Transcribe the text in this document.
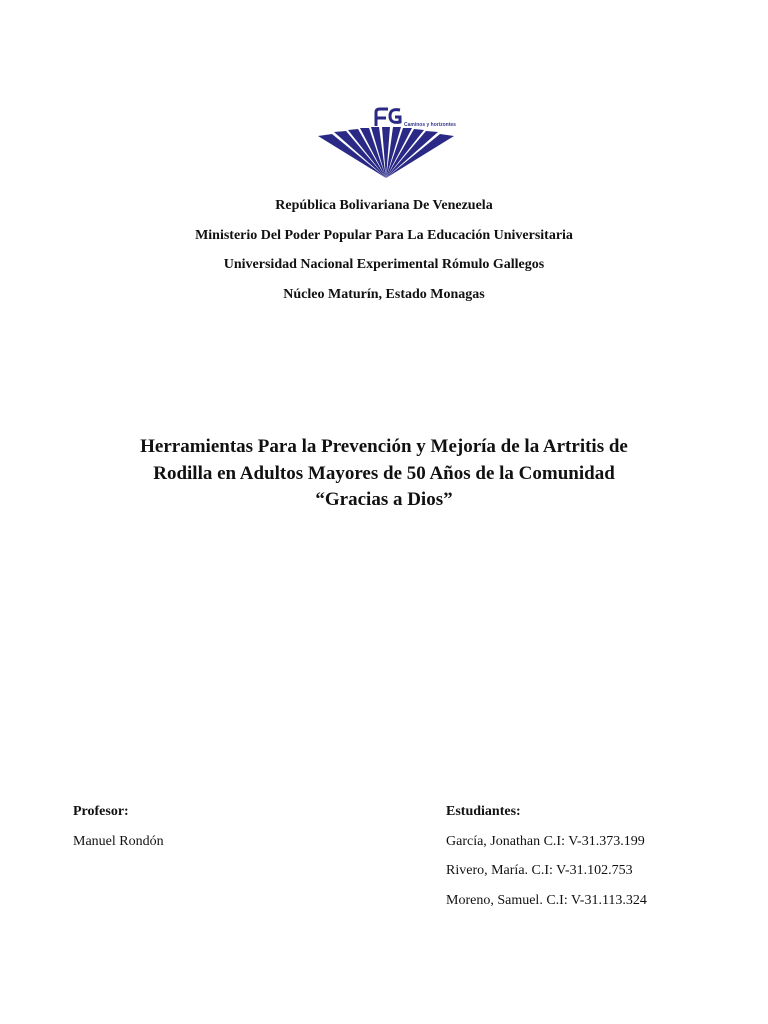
Caminos y horizontes
República Bolivariana De Venezuela
Ministerio Del Poder Popular Para La Educación Universitaria
Universidad Nacional Experimental Rómulo Gallegos
Núcleo Maturín, Estado Monagas
Herramientas Para la Prevención y Mejoría de la Artritis de
Rodilla en Adultos Mayores de 50 Años de la Comunidad
“Gracias a Dios”
Profesor:
Manuel Rondón
Estudiantes:
García, Jonathan C.I: V-31.373.199
Rivero, María. C.I: V-31.102.753
Moreno, Samuel. C.I: V-31.113.324
